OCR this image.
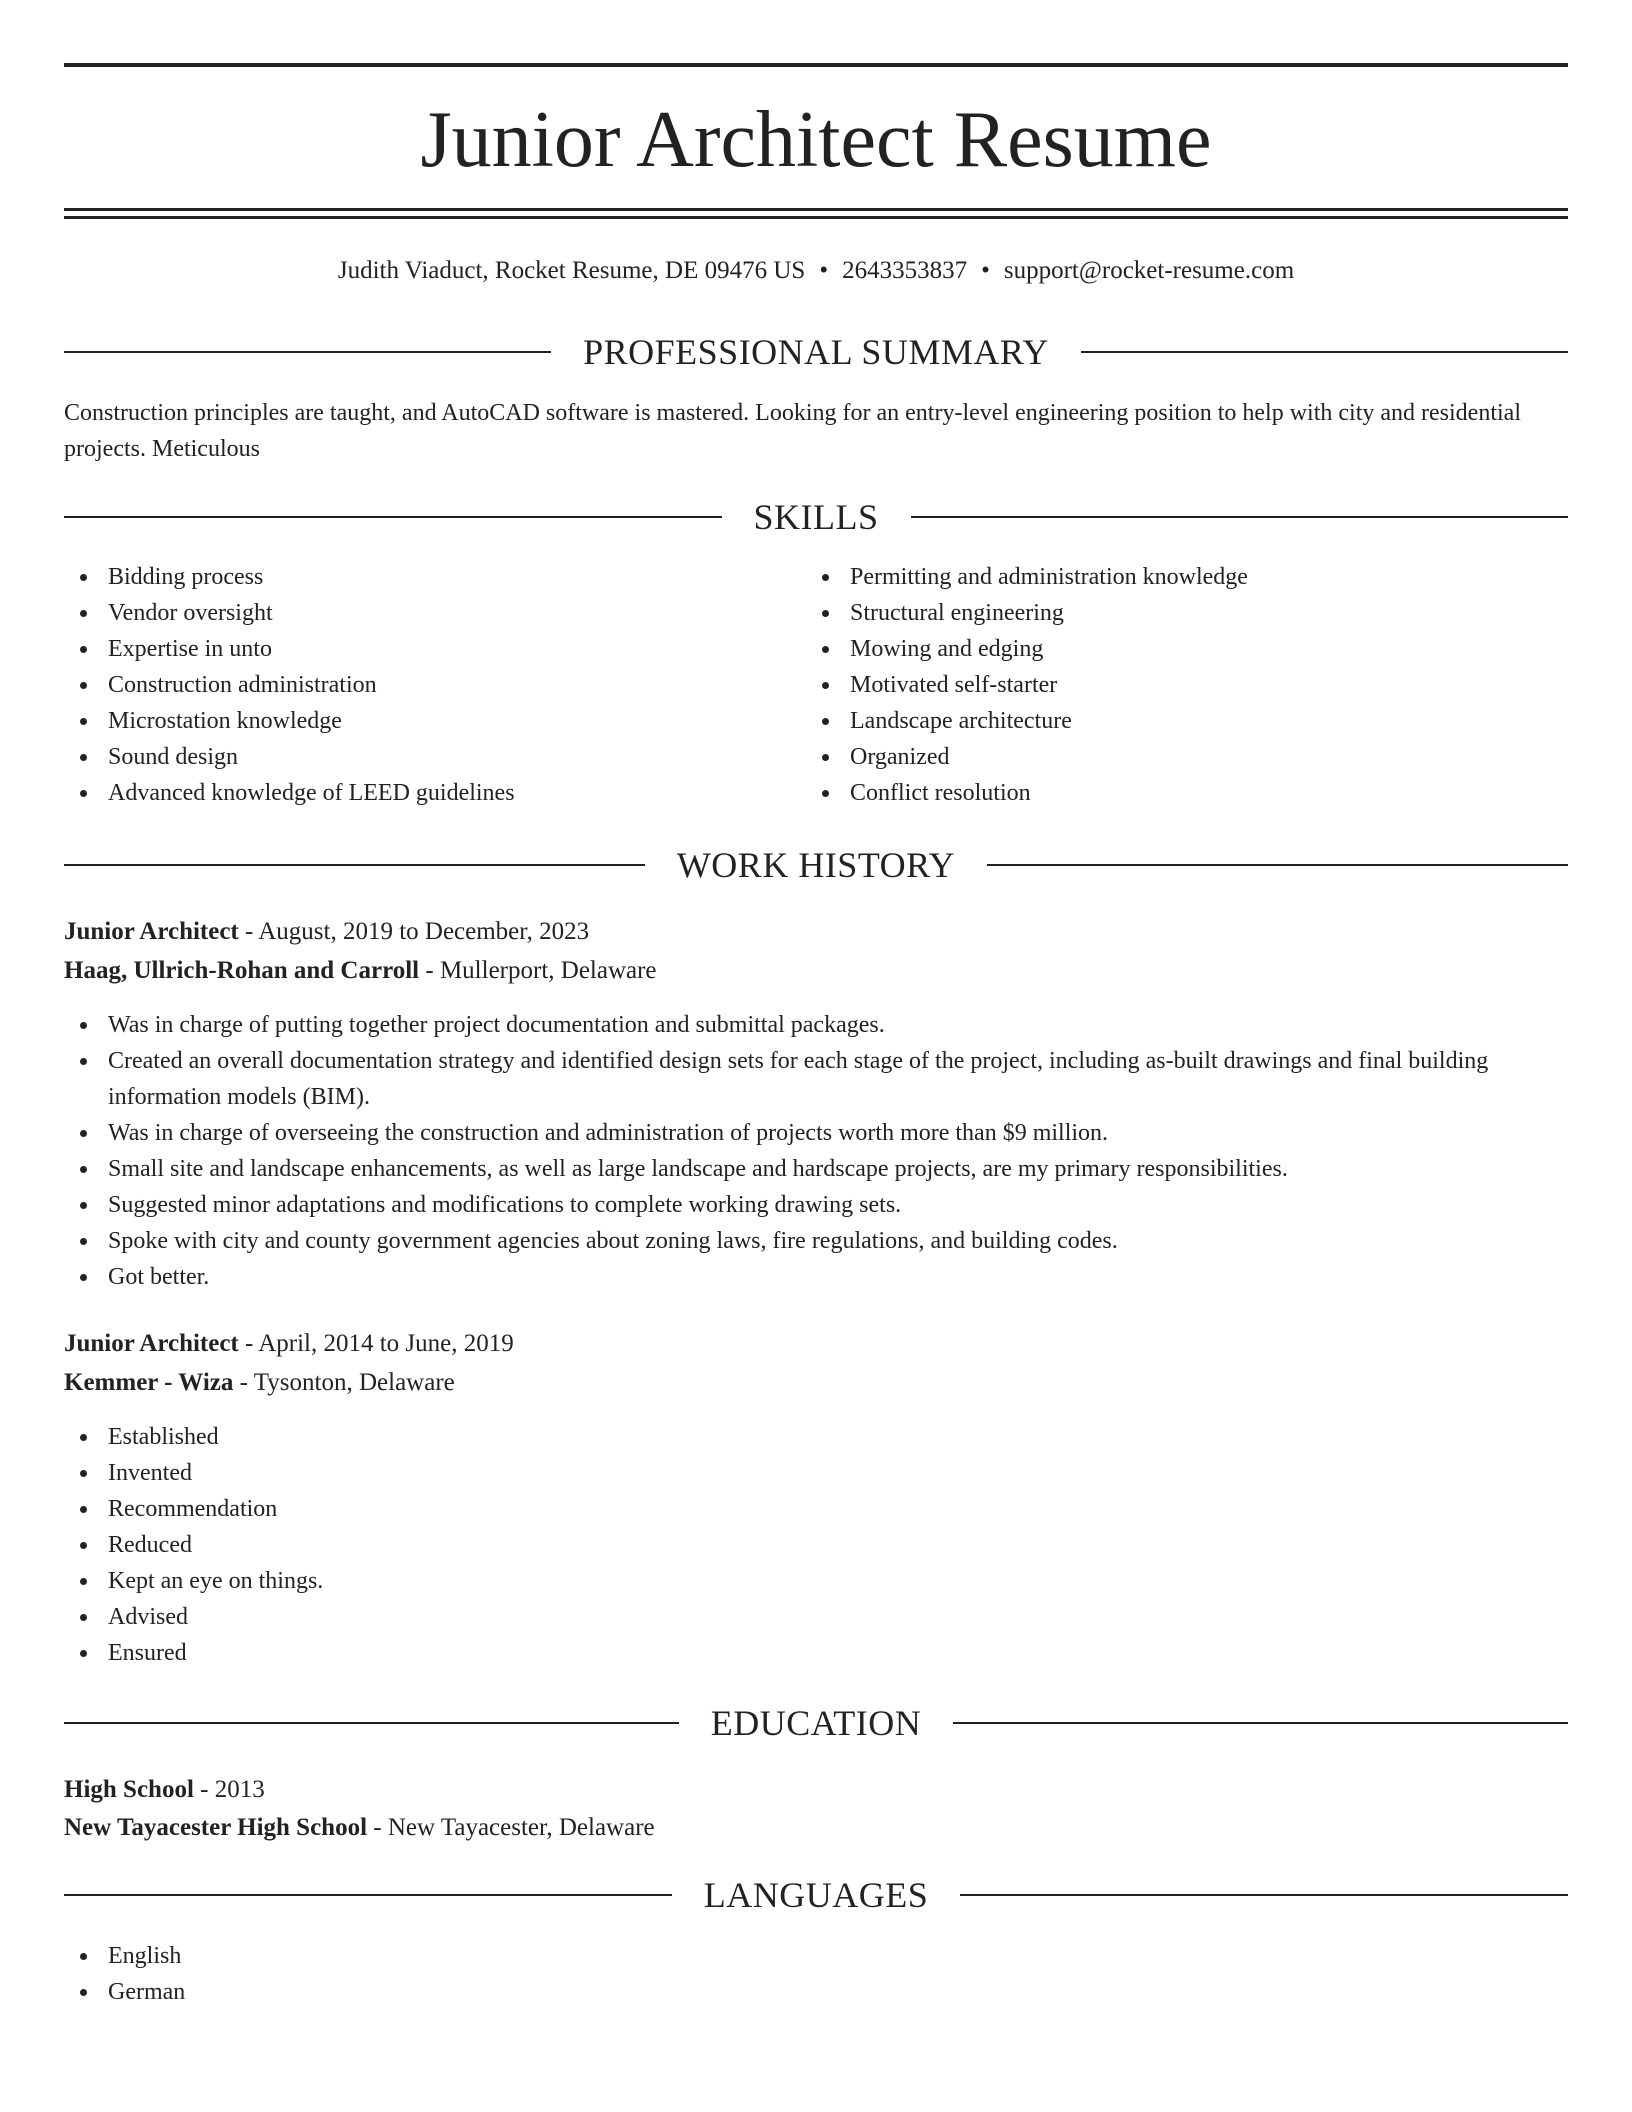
Junior Architect Resume
Judith Viaduct, Rocket Resume, DE 09476 US • 2643353837 • support@rocket-resume.com
PROFESSIONAL SUMMARY

Construction principles are taught, and AutoCAD software is mastered. Looking for an entry-level engineering position to help with city and residential projects. Meticulous

SKILLS
Bidding process
Vendor oversight
Expertise in unto
Construction administration
Microstation knowledge
Sound design
Advanced knowledge of LEED guidelines
Permitting and administration knowledge
Structural engineering
Mowing and edging
Motivated self-starter
Landscape architecture
Organized
Conflict resolution
WORK HISTORY
Junior Architect - August, 2019 to December, 2023
Haag, Ullrich-Rohan and Carroll - Mullerport, Delaware
Was in charge of putting together project documentation and submittal packages.
Created an overall documentation strategy and identified design sets for each stage of the project, including as-built drawings and final building information models (BIM).
Was in charge of overseeing the construction and administration of projects worth more than $9 million.
Small site and landscape enhancements, as well as large landscape and hardscape projects, are my primary responsibilities.
Suggested minor adaptations and modifications to complete working drawing sets.
Spoke with city and county government agencies about zoning laws, fire regulations, and building codes.
Got better.
Junior Architect - April, 2014 to June, 2019
Kemmer - Wiza - Tysonton, Delaware
Established
Invented
Recommendation
Reduced
Kept an eye on things.
Advised
Ensured
EDUCATION
High School - 2013
New Tayacester High School - New Tayacester, Delaware
LANGUAGES
English
German
